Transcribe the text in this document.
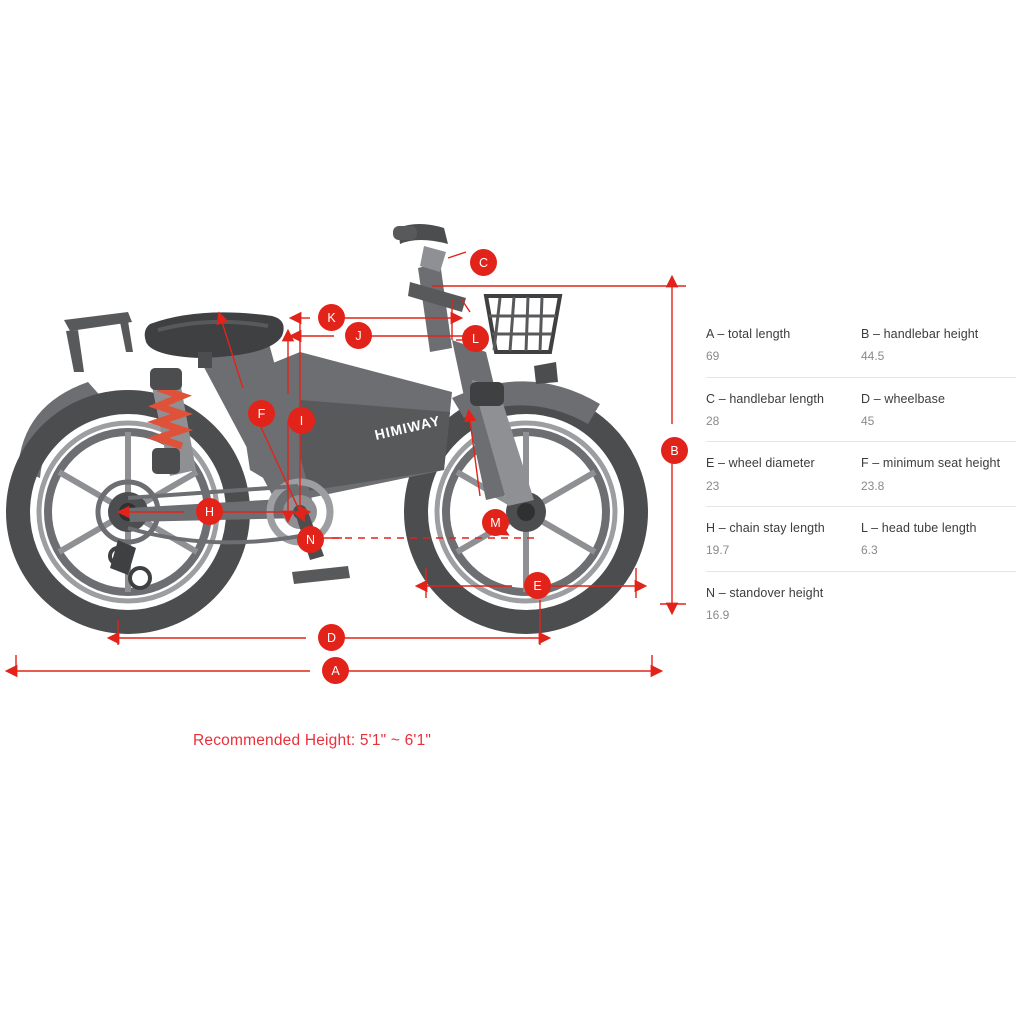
HIMIWAY
A
B
C
D
E
F
H
I
J
K
L
M
N
A – total length
69
B – handlebar height
44.5
C – handlebar length
28
D – wheelbase
45
E – wheel diameter
23
F – minimum seat height
23.8
H – chain stay length
19.7
L – head tube length
6.3
N – standover height
16.9
Recommended Height: 5'1" ~ 6'1"
